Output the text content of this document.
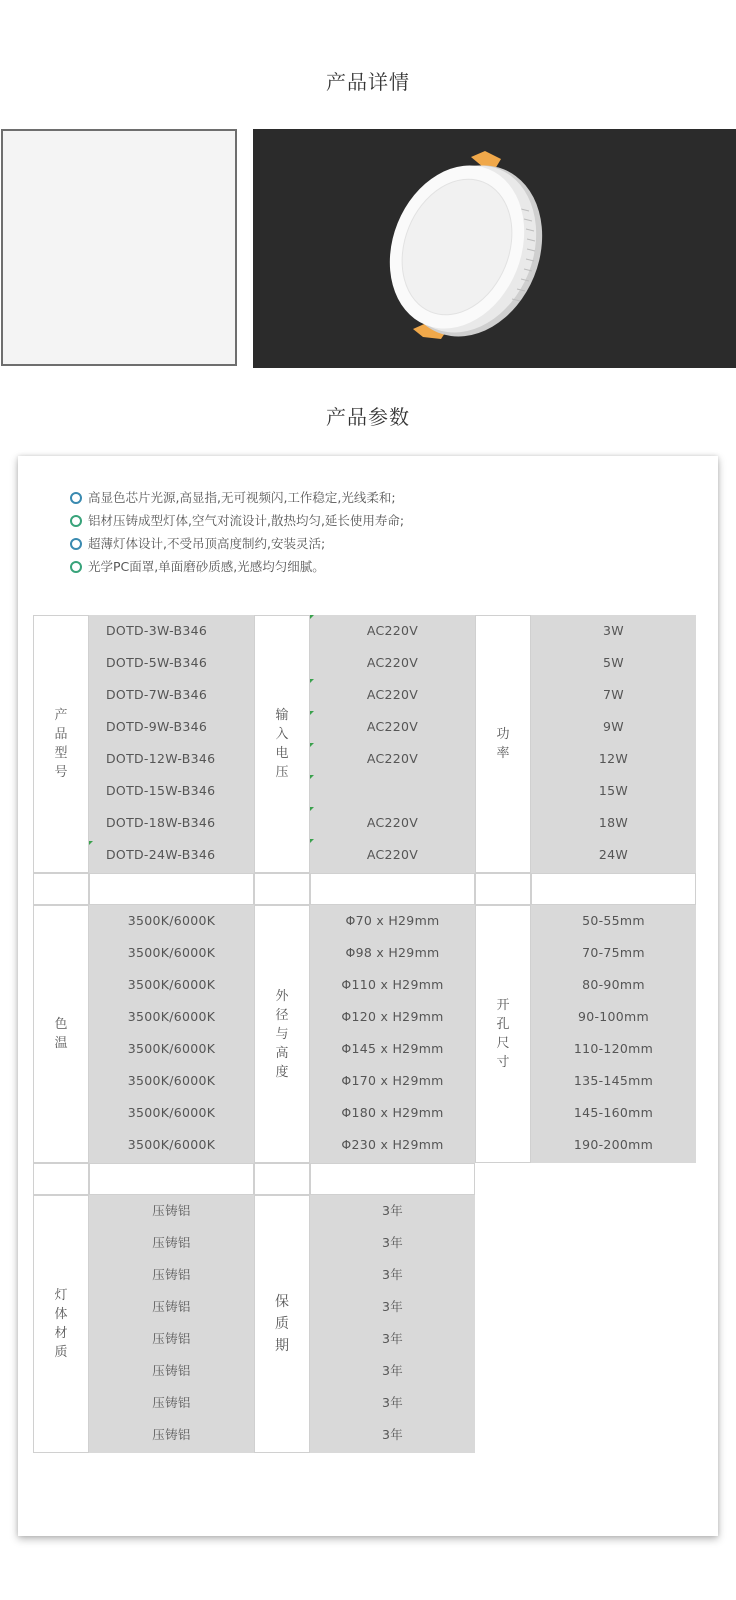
产品详情
产品参数
高显色芯片光源,高显指,无可视频闪,工作稳定,光线柔和;
铝材压铸成型灯体,空气对流设计,散热均匀,延长使用寿命;
超薄灯体设计,不受吊顶高度制约,安装灵活;
光学PC面罩,单面磨砂质感,光感均匀细腻。
产品型号
DOTD-3W-B346
DOTD-5W-B346
DOTD-7W-B346
DOTD-9W-B346
DOTD-12W-B346
DOTD-15W-B346
DOTD-18W-B346
DOTD-24W-B346
输入电压
AC220V
AC220V
AC220V
AC220V
AC220V
AC220V
AC220V
功率
3W
5W
7W
9W
12W
15W
18W
24W
色温
3500K/6000K
3500K/6000K
3500K/6000K
3500K/6000K
3500K/6000K
3500K/6000K
3500K/6000K
3500K/6000K
外径与高度
Φ70 x H29mm
Φ98 x H29mm
Φ110 x H29mm
Φ120 x H29mm
Φ145 x H29mm
Φ170 x H29mm
Φ180 x H29mm
Φ230 x H29mm
开孔尺寸
50-55mm
70-75mm
80-90mm
90-100mm
110-120mm
135-145mm
145-160mm
190-200mm
灯体材质
压铸铝
压铸铝
压铸铝
压铸铝
压铸铝
压铸铝
压铸铝
压铸铝
保质期
3年
3年
3年
3年
3年
3年
3年
3年
